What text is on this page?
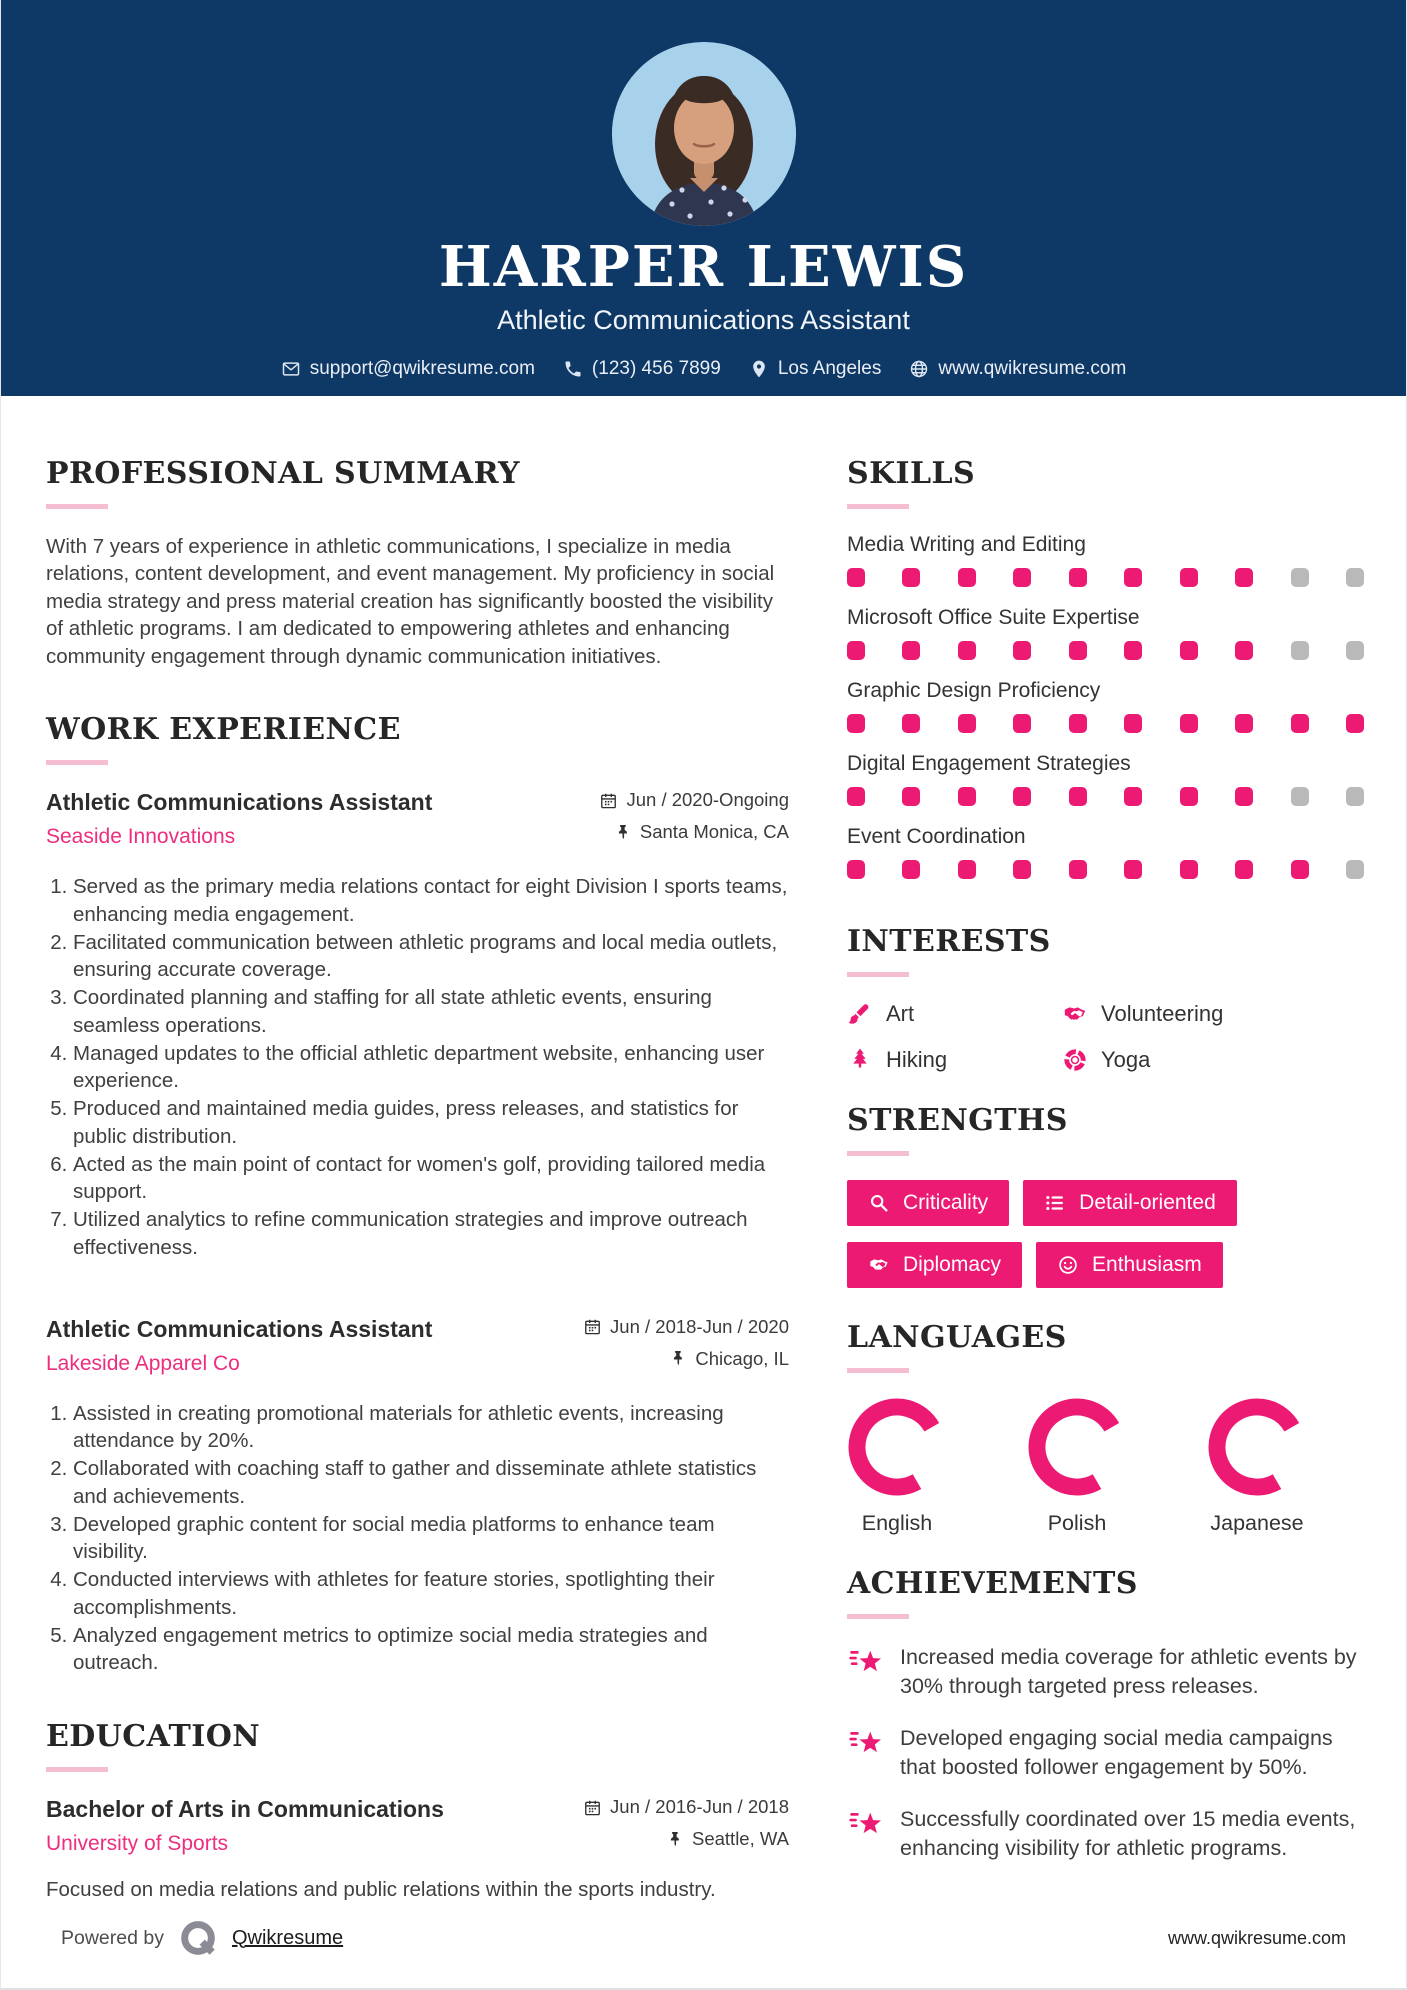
HARPER LEWIS
Athletic Communications Assistant
support@qwikresume.com	(123) 456 7899	Los Angeles	www.qwikresume.com
PROFESSIONAL SUMMARY

With 7 years of experience in athletic communications, I specialize in media relations, content development, and event management. My proficiency in social media strategy and press material creation has significantly boosted the visibility of athletic programs. I am dedicated to empowering athletes and enhancing community engagement through dynamic communication initiatives.

WORK EXPERIENCE
Athletic Communications Assistant
Seaside Innovations
Jun / 2020-Ongoing
Santa Monica, CA
1. Served as the primary media relations contact for eight Division I sports teams, enhancing media engagement.
2. Facilitated communication between athletic programs and local media outlets, ensuring accurate coverage.
3. Coordinated planning and staffing for all state athletic events, ensuring seamless operations.
4. Managed updates to the official athletic department website, enhancing user experience.
5. Produced and maintained media guides, press releases, and statistics for public distribution.
6. Acted as the main point of contact for women's golf, providing tailored media support.
7. Utilized analytics to refine communication strategies and improve outreach effectiveness.
Athletic Communications Assistant
Lakeside Apparel Co
Jun / 2018-Jun / 2020
Chicago, IL
1. Assisted in creating promotional materials for athletic events, increasing attendance by 20%.
2. Collaborated with coaching staff to gather and disseminate athlete statistics and achievements.
3. Developed graphic content for social media platforms to enhance team visibility.
4. Conducted interviews with athletes for feature stories, spotlighting their accomplishments.
5. Analyzed engagement metrics to optimize social media strategies and outreach.
EDUCATION
Bachelor of Arts in Communications
University of Sports
Jun / 2016-Jun / 2018
Seattle, WA

Focused on media relations and public relations within the sports industry.

SKILLS
Media Writing and Editing
Microsoft Office Suite Expertise
Graphic Design Proficiency
Digital Engagement Strategies
Event Coordination
INTERESTS
Art	Volunteering
Hiking	Yoga
STRENGTHS
Criticality	Detail-oriented
Diplomacy	Enthusiasm
LANGUAGES
English	Polish	Japanese
ACHIEVEMENTS
Increased media coverage for athletic events by 30% through targeted press releases.
Developed engaging social media campaigns that boosted follower engagement by 50%.
Successfully coordinated over 15 media events, enhancing visibility for athletic programs.
Powered by	Qwikresume	www.qwikresume.com
